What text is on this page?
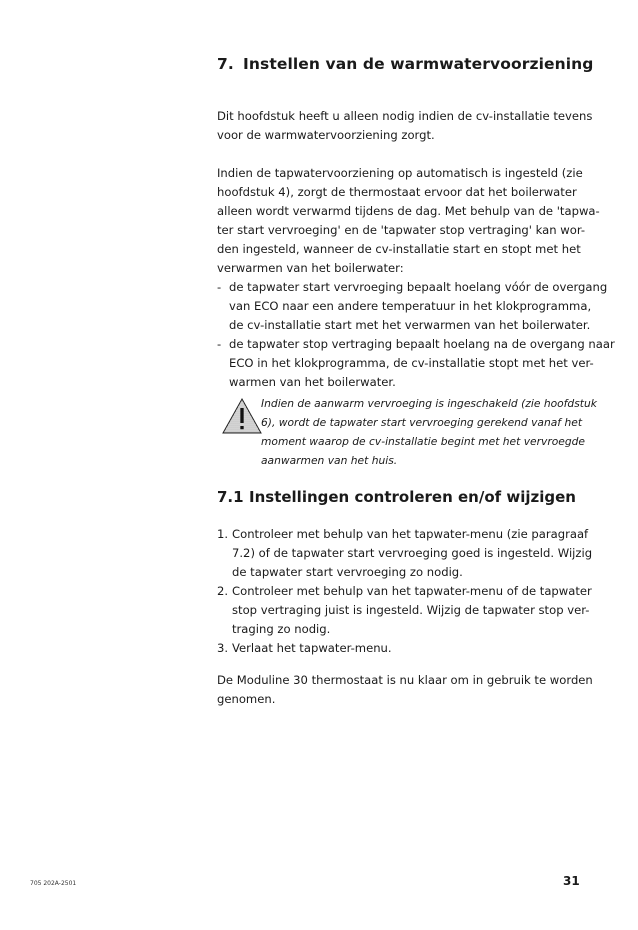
7. Instellen van de warmwatervoorziening
Dit hoofdstuk heeft u alleen nodig indien de cv-installatie tevens
voor de warmwatervoorziening zorgt.
Indien de tapwatervoorziening op automatisch is ingesteld (zie
hoofdstuk 4), zorgt de thermostaat ervoor dat het boilerwater
alleen wordt verwarmd tijdens de dag. Met behulp van de 'tapwa-
ter start vervroeging' en de 'tapwater stop vertraging' kan wor-
den ingesteld, wanneer de cv-installatie start en stopt met het
verwarmen van het boilerwater:
- de tapwater start vervroeging bepaalt hoelang vóór de overgang
van ECO naar een andere temperatuur in het klokprogramma,
de cv-installatie start met het verwarmen van het boilerwater.
- de tapwater stop vertraging bepaalt hoelang na de overgang naar
ECO in het klokprogramma, de cv-installatie stopt met het ver-
warmen van het boilerwater.
Indien de aanwarm vervroeging is ingeschakeld (zie hoofdstuk
6), wordt de tapwater start vervroeging gerekend vanaf het
moment waarop de cv-installatie begint met het vervroegde
aanwarmen van het huis.
7.1 Instellingen controleren en/of wijzigen
1. Controleer met behulp van het tapwater-menu (zie paragraaf
7.2) of de tapwater start vervroeging goed is ingesteld. Wijzig
de tapwater start vervroeging zo nodig.
2. Controleer met behulp van het tapwater-menu of de tapwater
stop vertraging juist is ingesteld. Wijzig de tapwater stop ver-
traging zo nodig.
3. Verlaat het tapwater-menu.
De Moduline 30 thermostaat is nu klaar om in gebruik te worden
genomen.
705 202A-2501	31
